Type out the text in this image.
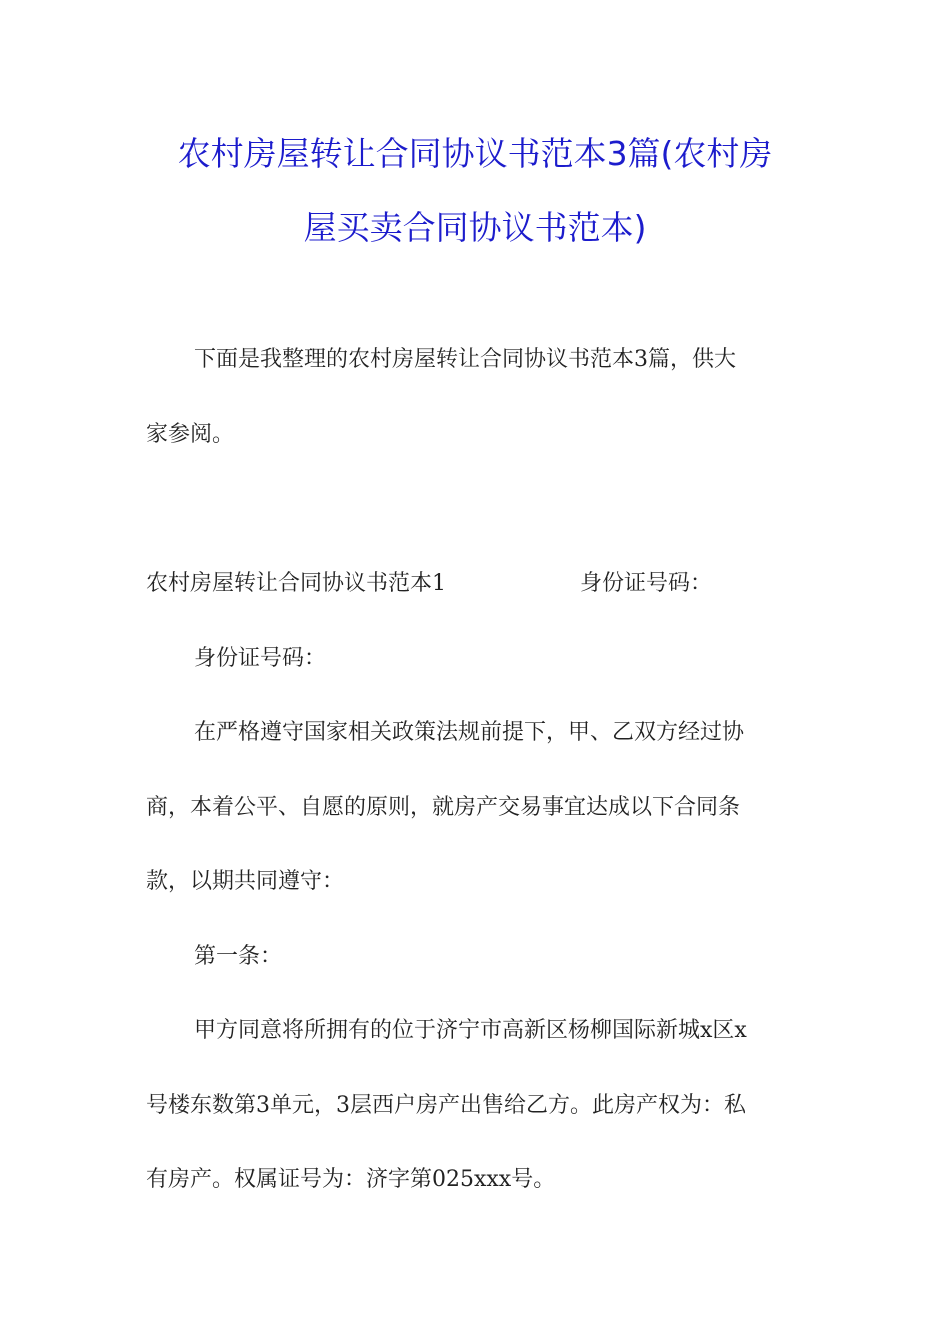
农村房屋转让合同协议书范本3篇(农村房
屋买卖合同协议书范本)
下面是我整理的农村房屋转让合同协议书范本3篇，供大
家参阅。
农村房屋转让合同协议书范本1	身份证号码：
身份证号码：
在严格遵守国家相关政策法规前提下，甲、乙双方经过协
商，本着公平、自愿的原则，就房产交易事宜达成以下合同条
款，以期共同遵守：
第一条：
甲方同意将所拥有的位于济宁市高新区杨柳国际新城x区x
号楼东数第3单元，3层西户房产出售给乙方。此房产权为：私
有房产。权属证号为：济字第025xxx号。
